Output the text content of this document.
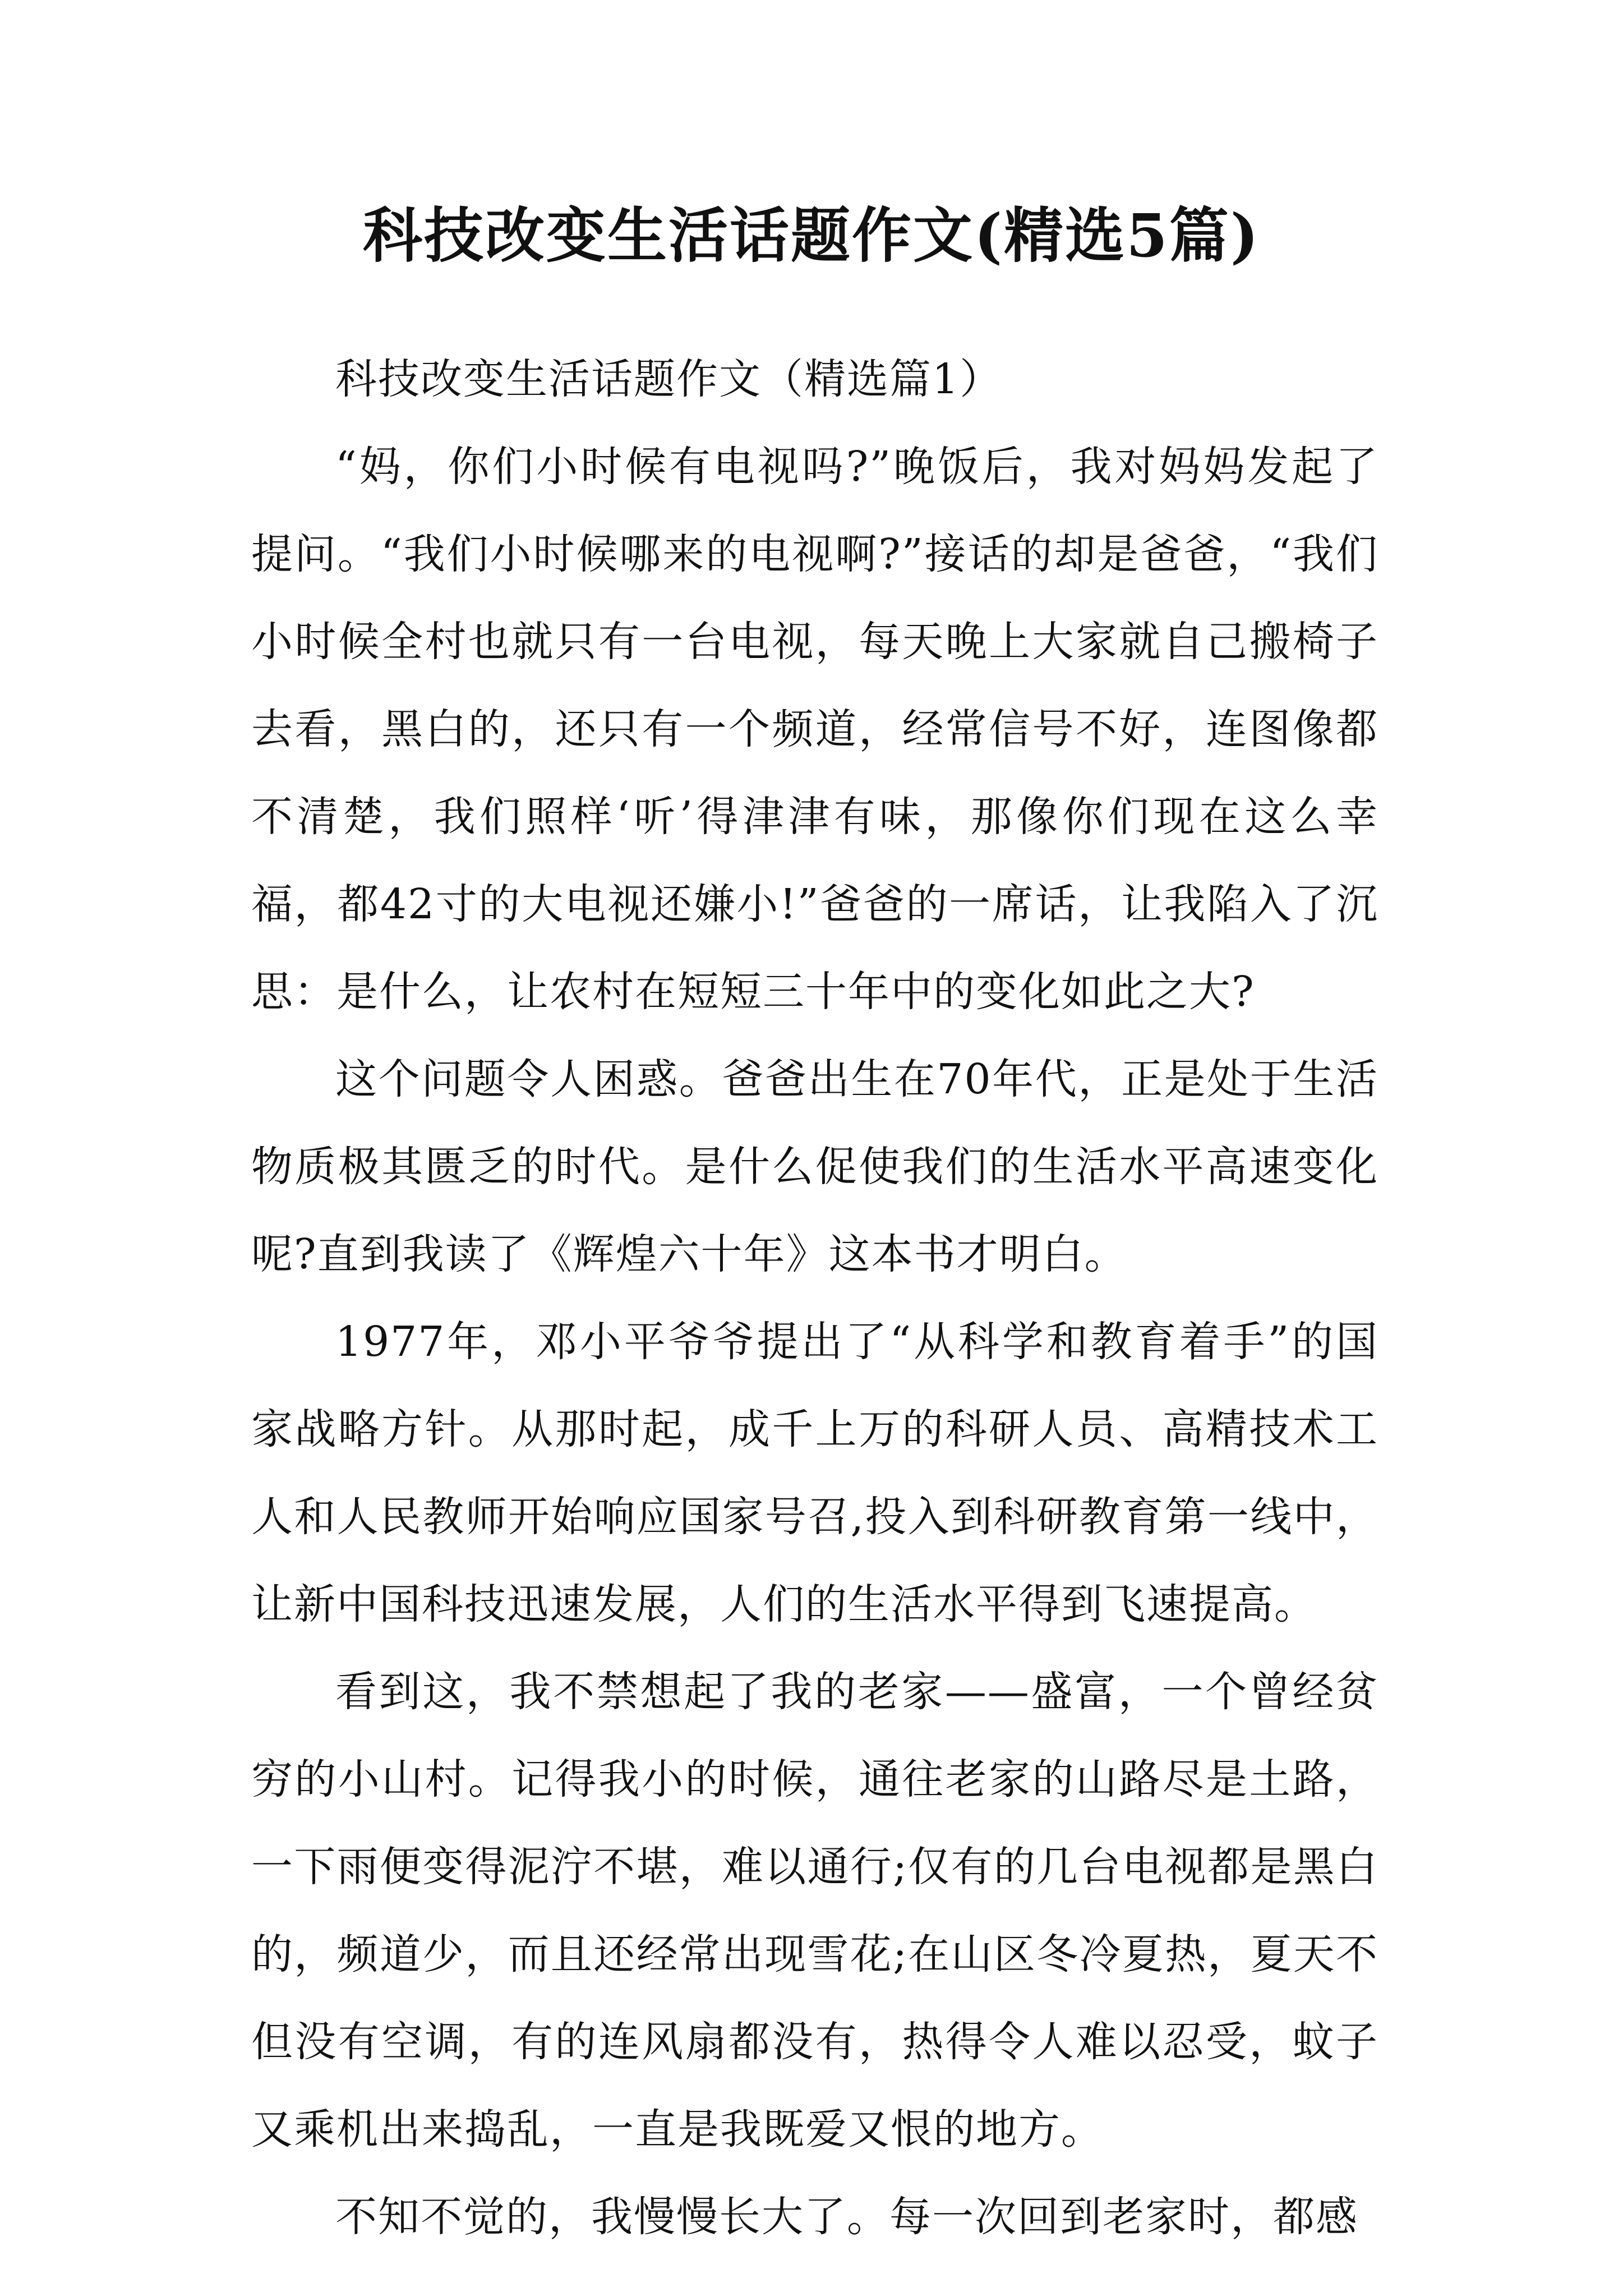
科技改变生活话题作文(精选5篇)

科技改变生活话题作文（精选篇1）

“妈，你们小时候有电视吗?”晚饭后，我对妈妈发起了提问。“我们小时候哪来的电视啊?”接话的却是爸爸，“我们小时候全村也就只有一台电视，每天晚上大家就自己搬椅子去看，黑白的，还只有一个频道，经常信号不好，连图像都不清楚，我们照样‘听’得津津有味，那像你们现在这么幸福，都42寸的大电视还嫌小!”爸爸的一席话，让我陷入了沉思：是什么，让农村在短短三十年中的变化如此之大?

这个问题令人困惑。爸爸出生在70年代，正是处于生活物质极其匮乏的时代。是什么促使我们的生活水平高速变化呢?直到我读了《辉煌六十年》这本书才明白。

1977年，邓小平爷爷提出了“从科学和教育着手”的国家战略方针。从那时起，成千上万的科研人员、高精技术工人和人民教师开始响应国家号召,投入到科研教育第一线中，让新中国科技迅速发展，人们的生活水平得到飞速提高。

看到这，我不禁想起了我的老家——盛富，一个曾经贫穷的小山村。记得我小的时候，通往老家的山路尽是土路，一下雨便变得泥泞不堪，难以通行;仅有的几台电视都是黑白的，频道少，而且还经常出现雪花;在山区冬冷夏热，夏天不但没有空调，有的连风扇都没有，热得令人难以忍受，蚊子又乘机出来捣乱，一直是我既爱又恨的地方。

不知不觉的，我慢慢长大了。每一次回到老家时，都感
